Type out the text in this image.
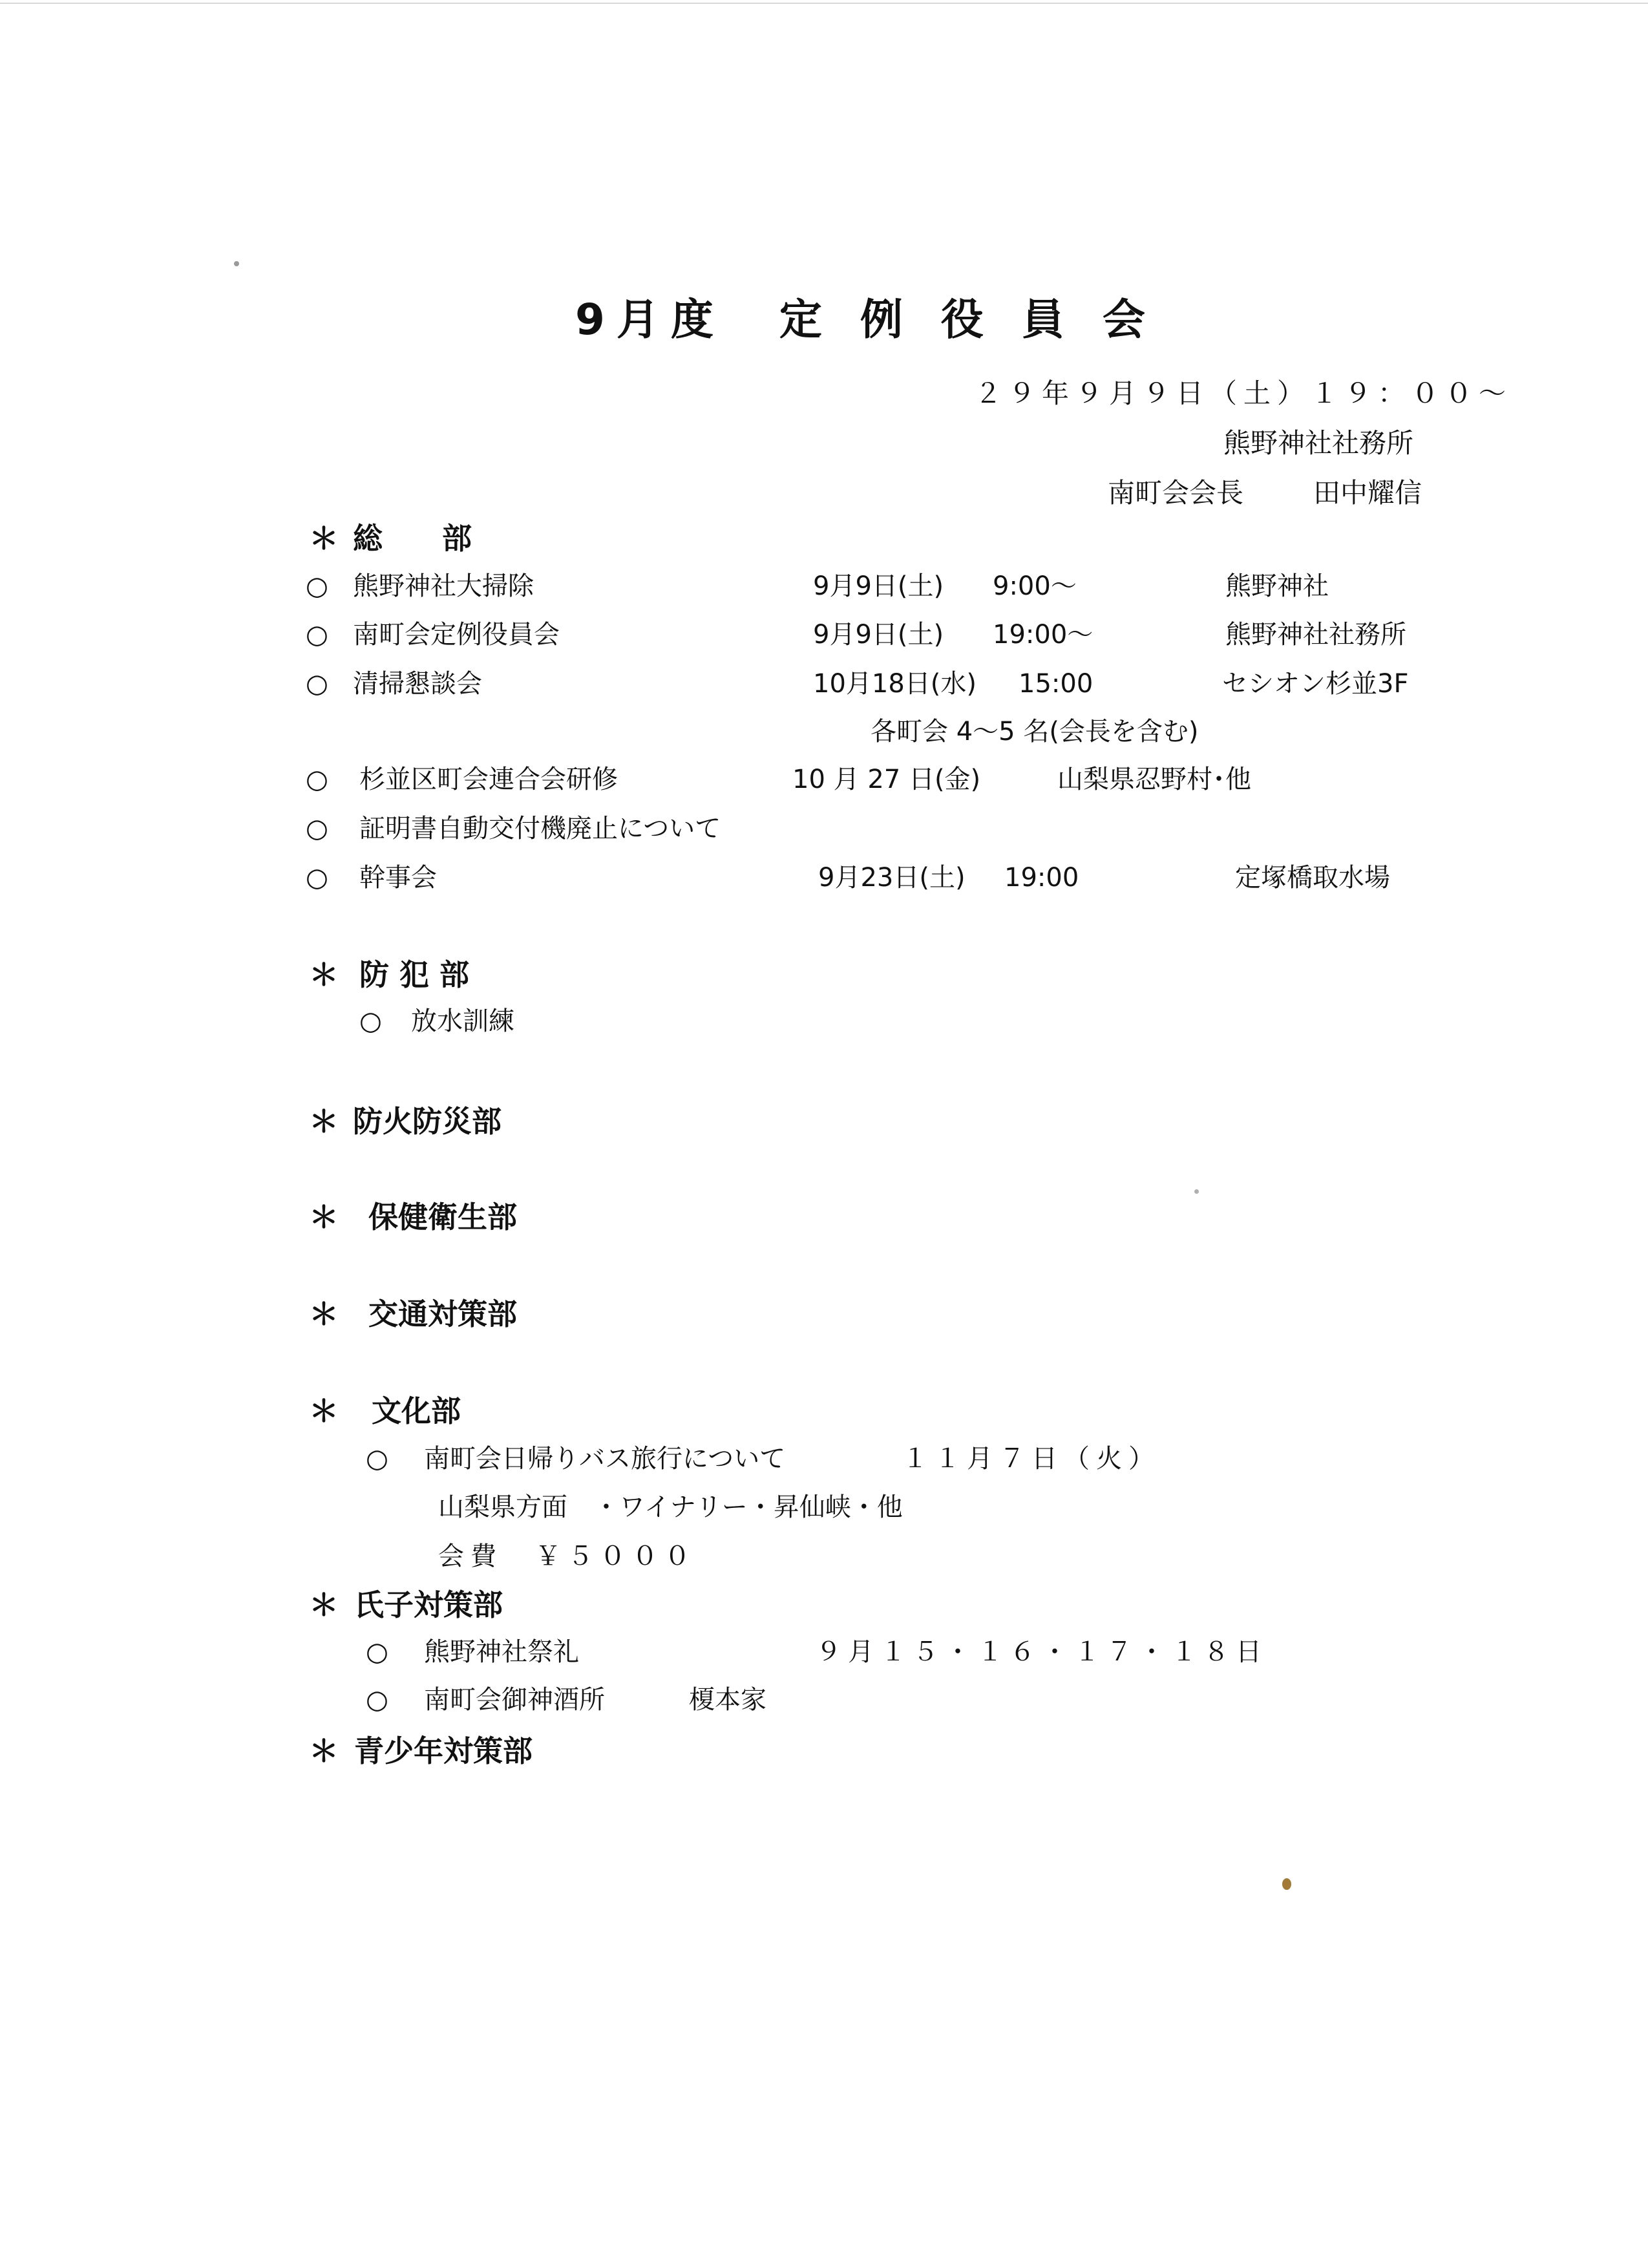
9月度　定 例 役 員 会
２９年９月９日（土）１９：００～
熊野神社社務所
南町会会長	田中耀信
＊ 総　　部
○ 熊野神社大掃除	9月9日(土) 9:00～	熊野神社
○ 南町会定例役員会	9月9日(土) 19:00～	熊野神社社務所
○ 清掃懇談会	10月18日(水) 15:00	セシオン杉並3F
各町会 4～5 名(会長を含む)
○ 杉並区町会連合会研修	10 月 27 日(金)	山梨県忍野村･他
○ 証明書自動交付機廃止について
○ 幹事会	9月23日(土) 19:00	定塚橋取水場
＊ 防 犯 部
○ 放水訓練
＊ 防火防災部
＊ 保健衛生部
＊ 交通対策部
＊ 文化部
○ 南町会日帰りバス旅行について	１１月７日（火）
山梨県方面　・ワイナリー・昇仙峡・他
会費　￥５０００
＊ 氏子対策部
○ 熊野神社祭礼	９月１５・１６・１７・１８日
○ 南町会御神酒所	榎本家
＊ 青少年対策部
